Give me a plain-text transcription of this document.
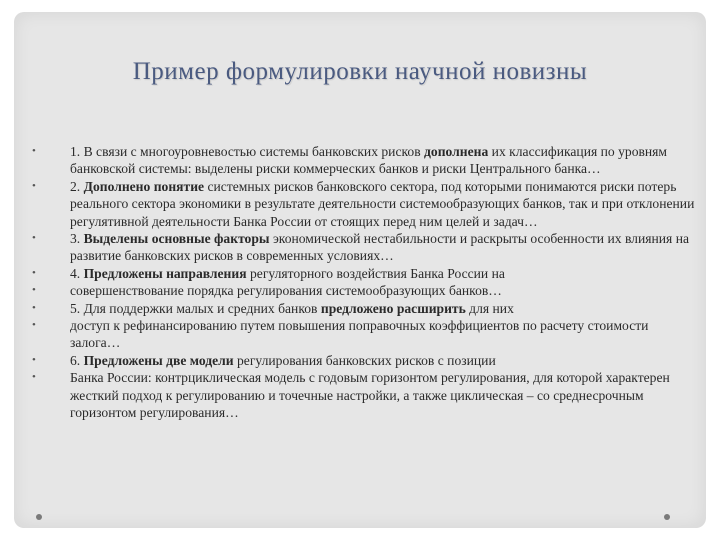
Пример формулировки научной новизны
•	1. В связи с многоуровневостью системы банковских рисков дополнена их классификация по уровням банковской системы: выделены риски коммерческих банков и риски Центрального банка…
•	2. Дополнено понятие системных рисков банковского сектора, под которыми понимаются риски потерь реального сектора экономики в результате деятельности системообразующих банков, так и при отклонении регулятивной деятельности Банка России от стоящих перед ним целей и задач…
•	3. Выделены основные факторы экономической нестабильности и раскрыты особенности их влияния на развитие банковских рисков в современных условиях…
•	4. Предложены направления регуляторного воздействия Банка России на
•	совершенствование порядка регулирования системообразующих банков…
•	5. Для поддержки малых и средних банков предложено расширить для них
•	доступ к рефинансированию путем повышения поправочных коэффициентов по расчету стоимости залога…
•	6. Предложены две модели регулирования банковских рисков с позиции
•	Банка России: контрциклическая модель с годовым горизонтом регулирования, для которой характерен жесткий подход к регулированию и точечные настройки, а также циклическая – со среднесрочным горизонтом регулирования…
